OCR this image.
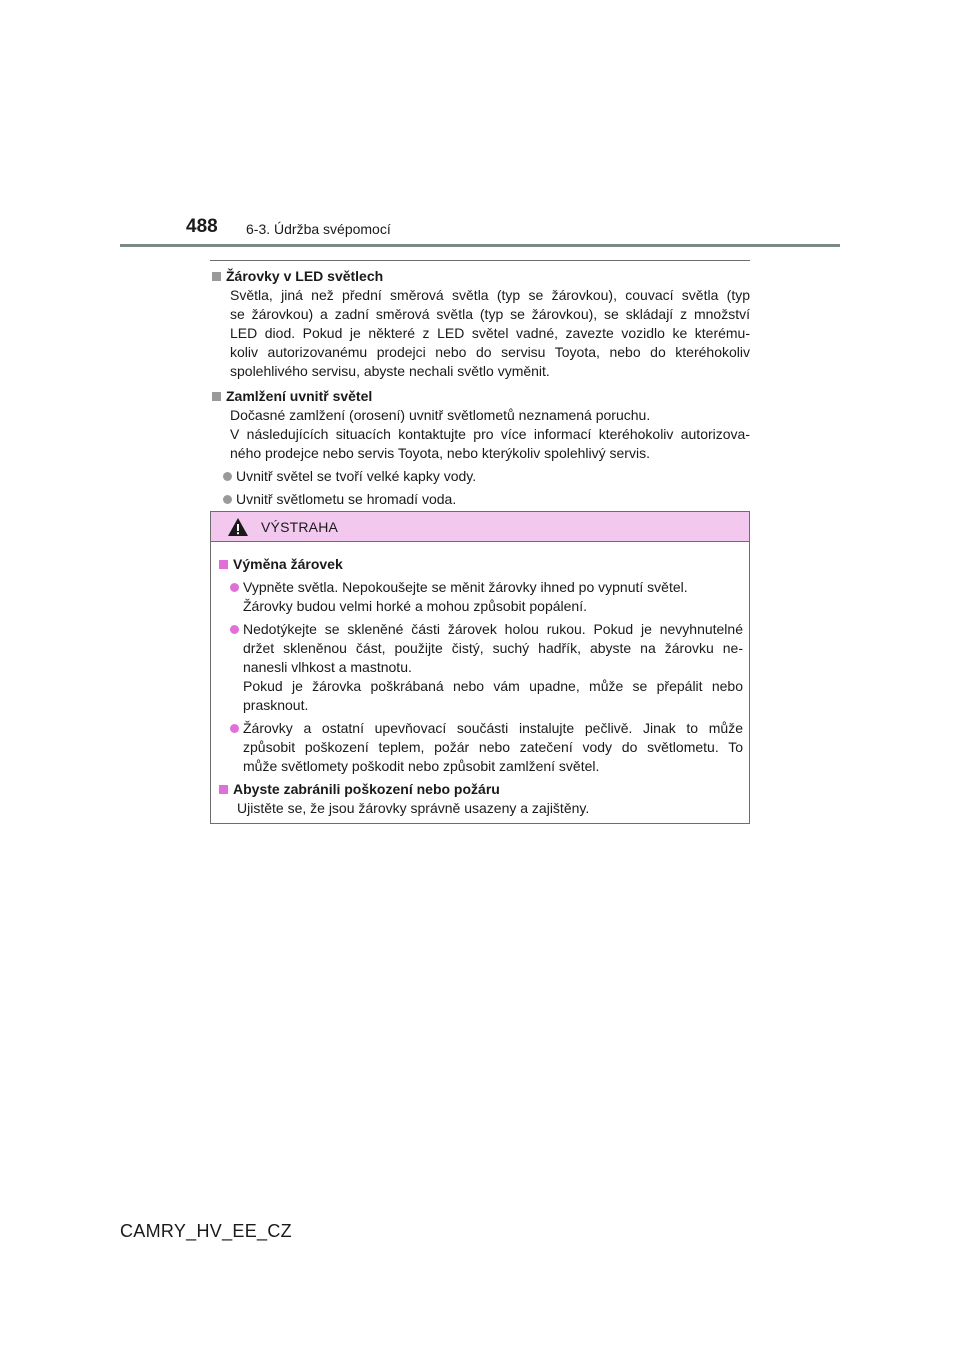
488 6-3. Údržba svépomocí
Žárovky v LED světlech
Světla, jiná než přední směrová světla (typ se žárovkou), couvací světla (typ
se žárovkou) a zadní směrová světla (typ se žárovkou), se skládají z množství
LED diod. Pokud je některé z LED světel vadné, zavezte vozidlo ke kterému-
koliv autorizovanému prodejci nebo do servisu Toyota, nebo do kteréhokoliv
spolehlivého servisu, abyste nechali světlo vyměnit.
Zamlžení uvnitř světel
Dočasné zamlžení (orosení) uvnitř světlometů neznamená poruchu.
V následujících situacích kontaktujte pro více informací kteréhokoliv autorizova-
ného prodejce nebo servis Toyota, nebo kterýkoliv spolehlivý servis.
Uvnitř světel se tvoří velké kapky vody.
Uvnitř světlometu se hromadí voda.
VÝSTRAHA
Výměna žárovek
Vypněte světla. Nepokoušejte se měnit žárovky ihned po vypnutí světel.
Žárovky budou velmi horké a mohou způsobit popálení.
Nedotýkejte se skleněné části žárovek holou rukou. Pokud je nevyhnutelné
držet skleněnou část, použijte čistý, suchý hadřík, abyste na žárovku ne-
nanesli vlhkost a mastnotu.
Pokud je žárovka poškrábaná nebo vám upadne, může se přepálit nebo
prasknout.
Žárovky a ostatní upevňovací součásti instalujte pečlivě. Jinak to může
způsobit poškození teplem, požár nebo zatečení vody do světlometu. To
může světlomety poškodit nebo způsobit zamlžení světel.
Abyste zabránili poškození nebo požáru
Ujistěte se, že jsou žárovky správně usazeny a zajištěny.
CAMRY_HV_EE_CZ
